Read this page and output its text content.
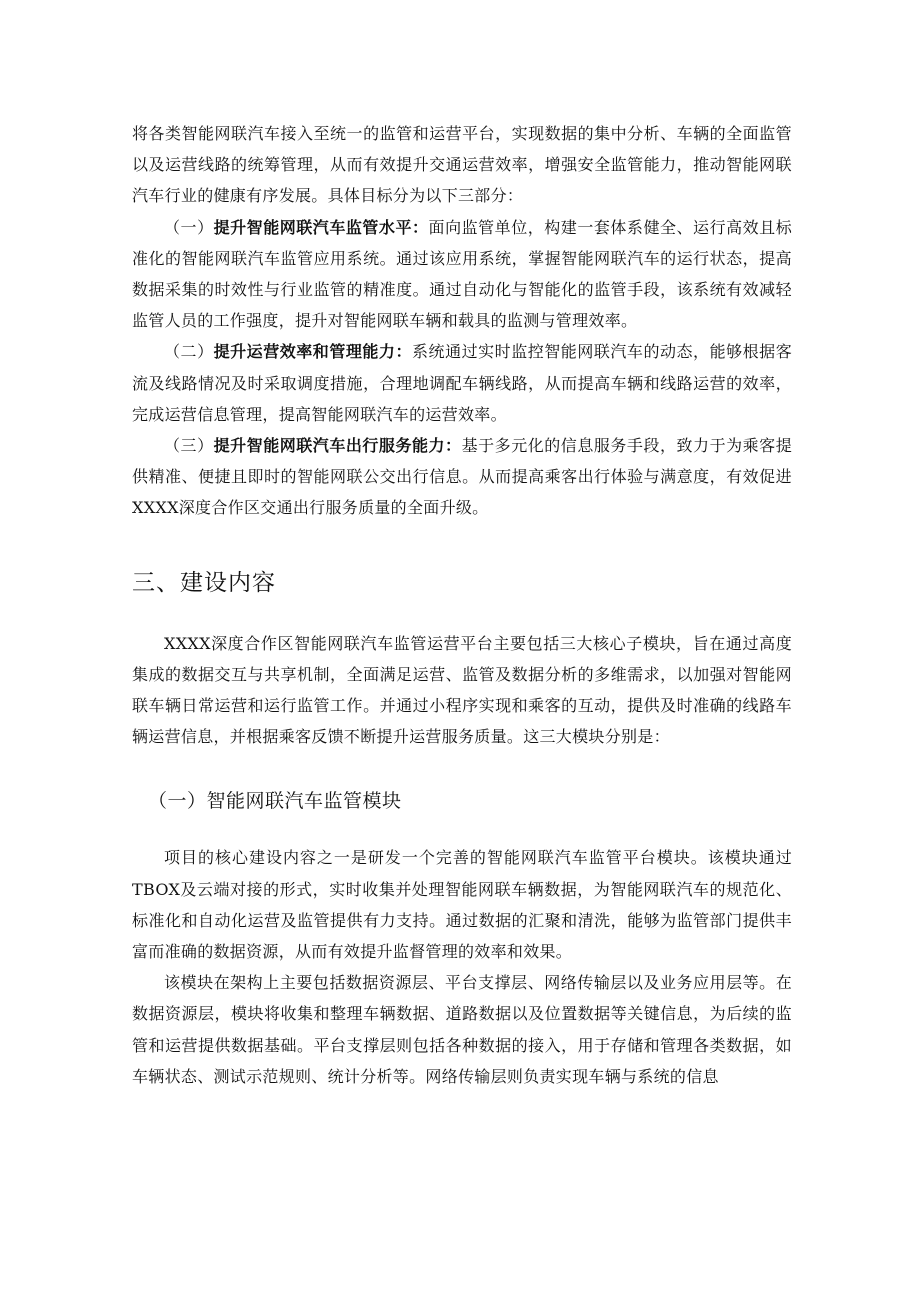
将各类智能网联汽车接入至统一的监管和运营平台，实现数据的集中分析、车辆的全面监管以及运营线路的统筹管理，从而有效提升交通运营效率，增强安全监管能力，推动智能网联汽车行业的健康有序发展。具体目标分为以下三部分：

（一）提升智能网联汽车监管水平：面向监管单位，构建一套体系健全、运行高效且标准化的智能网联汽车监管应用系统。通过该应用系统，掌握智能网联汽车的运行状态，提高数据采集的时效性与行业监管的精准度。通过自动化与智能化的监管手段，该系统有效减轻监管人员的工作强度，提升对智能网联车辆和载具的监测与管理效率。

（二）提升运营效率和管理能力：系统通过实时监控智能网联汽车的动态，能够根据客流及线路情况及时采取调度措施，合理地调配车辆线路，从而提高车辆和线路运营的效率，完成运营信息管理，提高智能网联汽车的运营效率。

（三）提升智能网联汽车出行服务能力：基于多元化的信息服务手段，致力于为乘客提供精准、便捷且即时的智能网联公交出行信息。从而提高乘客出行体验与满意度，有效促进XXXX深度合作区交通出行服务质量的全面升级。

三、建设内容

XXXX深度合作区智能网联汽车监管运营平台主要包括三大核心子模块，旨在通过高度集成的数据交互与共享机制，全面满足运营、监管及数据分析的多维需求，以加强对智能网联车辆日常运营和运行监管工作。并通过小程序实现和乘客的互动，提供及时准确的线路车辆运营信息，并根据乘客反馈不断提升运营服务质量。这三大模块分别是：

（一）智能网联汽车监管模块

项目的核心建设内容之一是研发一个完善的智能网联汽车监管平台模块。该模块通过TBOX及云端对接的形式，实时收集并处理智能网联车辆数据，为智能网联汽车的规范化、标准化和自动化运营及监管提供有力支持。通过数据的汇聚和清洗，能够为监管部门提供丰富而准确的数据资源，从而有效提升监督管理的效率和效果。

该模块在架构上主要包括数据资源层、平台支撑层、网络传输层以及业务应用层等。在数据资源层，模块将收集和整理车辆数据、道路数据以及位置数据等关键信息，为后续的监管和运营提供数据基础。平台支撑层则包括各种数据的接入，用于存储和管理各类数据，如车辆状态、测试示范规则、统计分析等。网络传输层则负责实现车辆与系统的信息
